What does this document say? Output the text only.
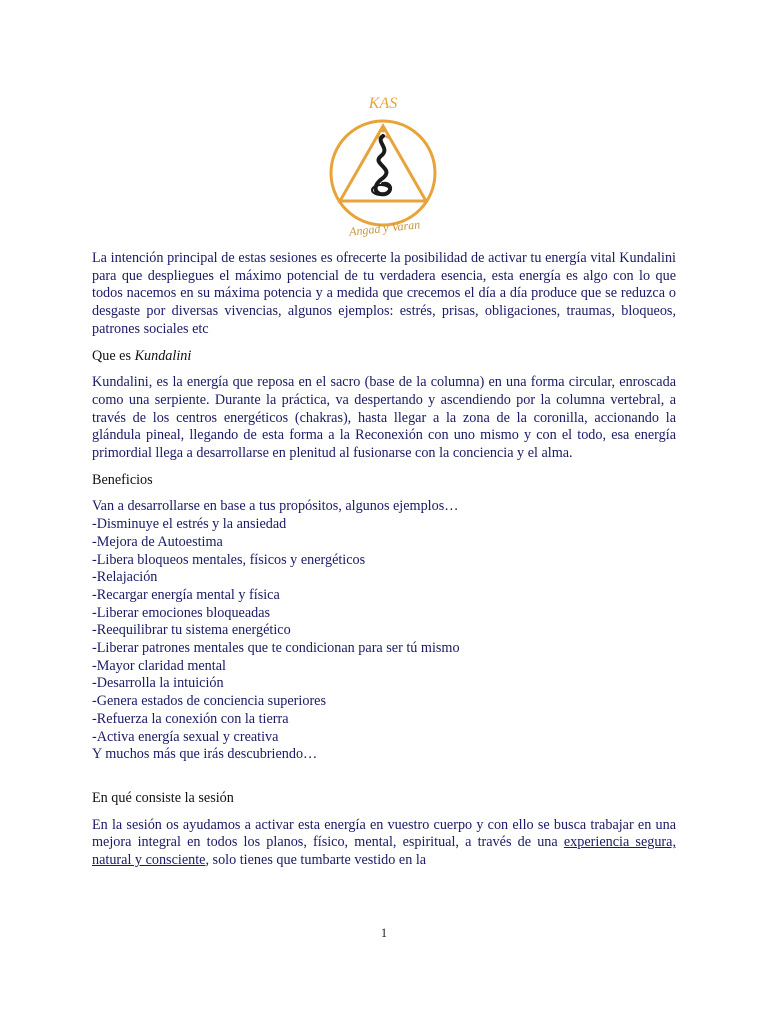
KAS
Angad y Varan

La intención principal de estas sesiones es ofrecerte la posibilidad de activar tu energía vital Kundalini para que despliegues el máximo potencial de tu verdadera esencia, esta energía es algo con lo que todos nacemos en su máxima potencia y a medida que crecemos el día a día produce que se reduzca o desgaste por diversas vivencias, algunos ejemplos: estrés, prisas, obligaciones, traumas, bloqueos, patrones sociales etc

Que es Kundalini

Kundalini, es la energía que reposa en el sacro (base de la columna) en una forma circular, enroscada como una serpiente. Durante la práctica, va despertando y ascendiendo por la columna vertebral, a través de los centros energéticos (chakras), hasta llegar a la zona de la coronilla, accionando la glándula pineal, llegando de esta forma a la Reconexión con uno mismo y con el todo, esa energía primordial llega a desarrollarse en plenitud al fusionarse con la conciencia y el alma.

Beneficios

Van a desarrollarse en base a tus propósitos, algunos ejemplos…

-Disminuye el estrés y la ansiedad
-Mejora de Autoestima
-Libera bloqueos mentales, físicos y energéticos
-Relajación
-Recargar energía mental y física
-Liberar emociones bloqueadas
-Reequilibrar tu sistema energético
-Liberar patrones mentales que te condicionan para ser tú mismo
-Mayor claridad mental
-Desarrolla la intuición
-Genera estados de conciencia superiores
-Refuerza la conexión con la tierra
-Activa energía sexual y creativa

Y muchos más que irás descubriendo…

En qué consiste la sesión

En la sesión os ayudamos a activar esta energía en vuestro cuerpo y con ello se busca trabajar en una mejora integral en todos los planos, físico, mental, espiritual, a través de una experiencia segura, natural y consciente, solo tienes que tumbarte vestido en la

1
